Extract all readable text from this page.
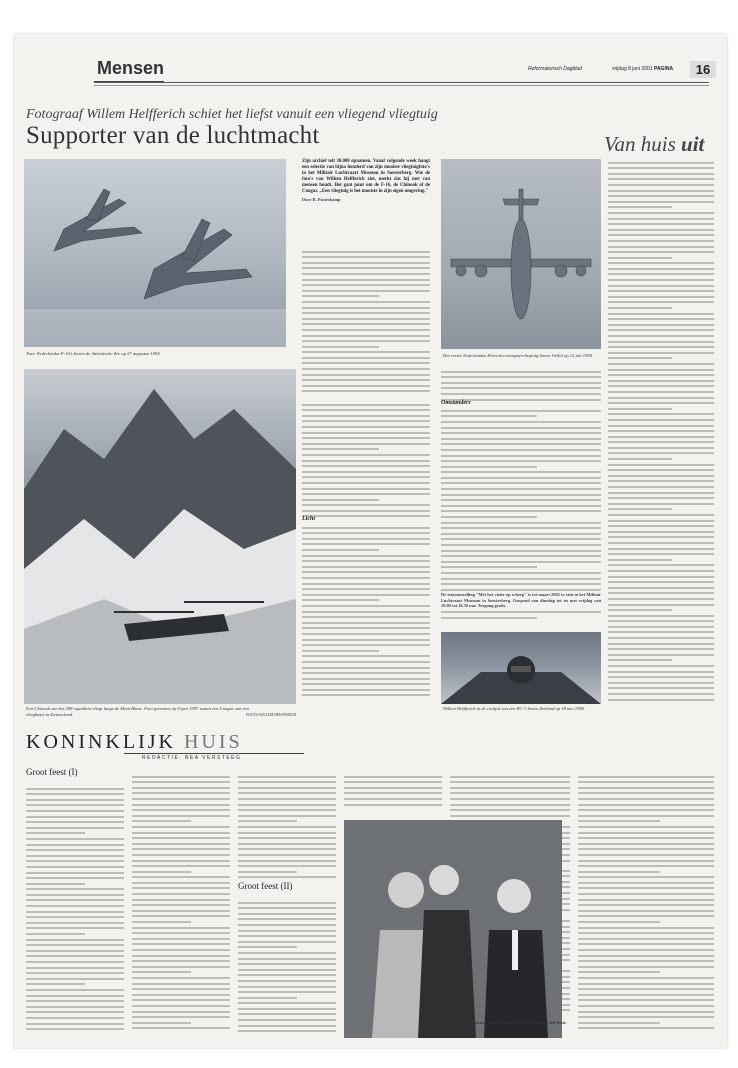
Mensen	Reformatorisch Dagblad	vrijdag 8 juni 2001 PAGINA	16
Fotograaf Willem Helfferich schiet het liefst vanuit een vliegend vliegtuig
Supporter van de luchtmacht	Van huis uit
Twee Nederlandse F-16's boven de Adriatische Zee op 27 augustus 1994.

Zijn archief telt 30.000 opnamen. Vanaf volgende week hangt een selectie van bijna honderd van zijn mooiste vliegtuigfoto's in het Militair Luchtvaart Museum in Soesterberg. Wie de foto's van Willem Helfferich ziet, merkt dat hij met van mensen houdt. Het gaat puur om de F-16, de Chinook of de Cougar. „Een vliegtuig is het mooiste in zijn eigen omgeving."

Door R. Pasterkamp

Licht
Het eerste Nederlandse Hercules-transportvliegtuig boven Volkel op 12 juli 1994.
Omstanders

De tentoonstelling "Met het vizier op scherp" is tot maart 2002 te zien in het Militair Luchtvaart Museum in Soesterberg. Geopend van dinsdag tot en met vrijdag van 10.00 tot 16.30 uur. Toegang gratis.

Een Chinook van het 298-squadron vliegt langs de Mont Blanc. Foto genomen op 9 juni 1997 vanuit een Cougar van een vliegbasis in Zwitserland.
Willem Helfferich in de cockpit van een PC-7 boven Zeeland op 18 mei 1996.
FOTO'S WILLEM HELFFERICH
KONINKLIJK HUIS
REDACTIE: BEA VERSTEEG
Groot feest (I)
Groot feest (II)
De Nieuw-Zeeuwse premier en prins Andrew tijdens het feest. Foto ANP
